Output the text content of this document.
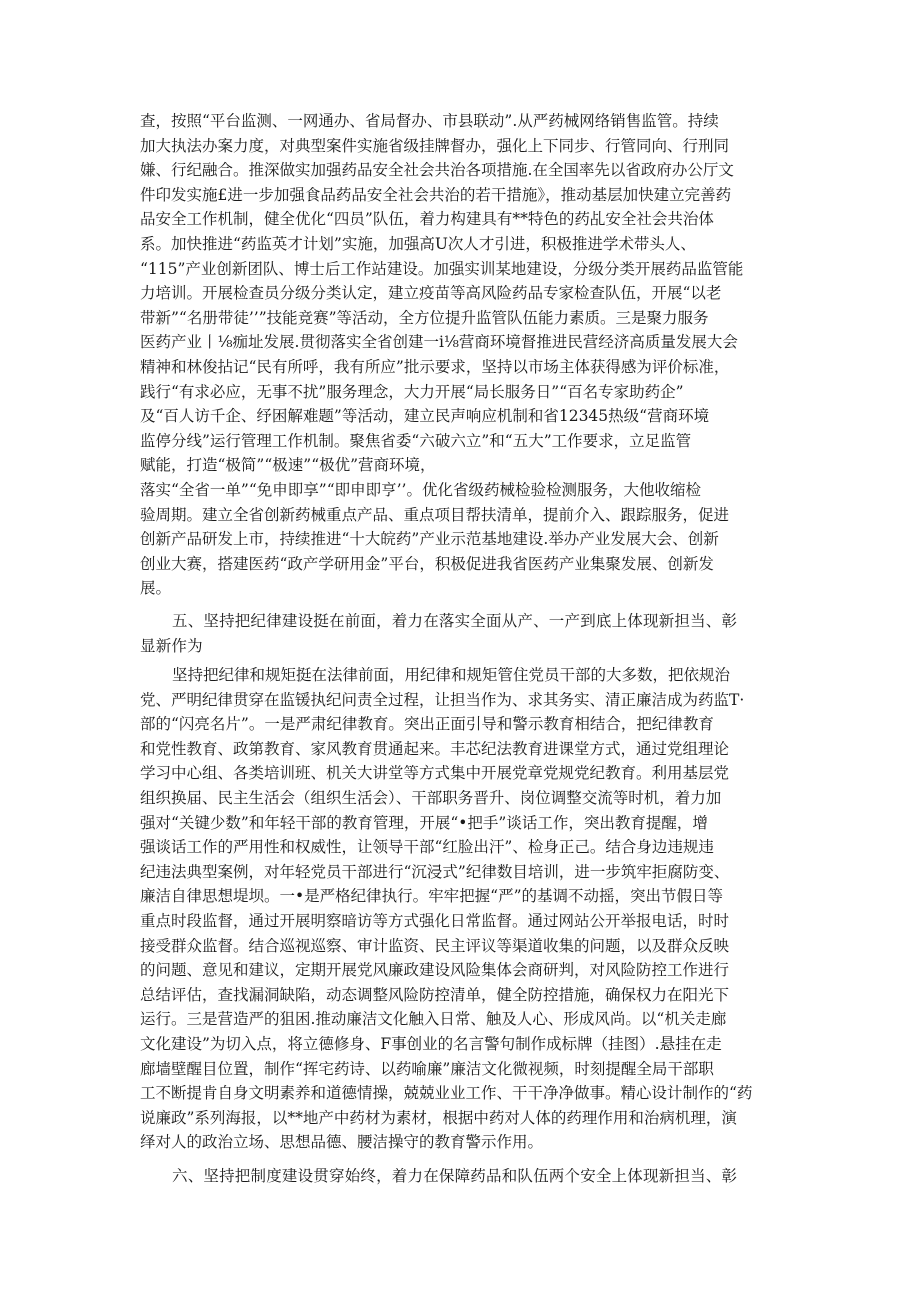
查，按照“平台监测、一网通办、省局督办、市县联动”.从严药械网络销售监管。持续
加大执法办案力度，对典型案件实施省级挂牌督办，强化上下同步、行管同向、行刑同
嫌、行纪融合。推深做实加强药品安全社会共治各项措施.在全国率先以省政府办公厅文
件印发实施£进一步加强食品药品安全社会共治的若干措施》，推动基层加快建立完善药
品安全工作机制，健全优化“四员”队伍，着力构建具有**特色的药乩安全社会共治体
系。加快推进“药监英才计划”实施，加强高U次人才引进，积极推进学术带头人、
“115”产业创新团队、博士后工作站建设。加强实训某地建设，分级分类开展药品监管能
力培训。开展检查员分级分类认定，建立疫苗等高风险药品专家检查队伍，开展“以老
带新”“名册带徒’’”技能竞赛”等活动，全方位提升监管队伍能力素质。三是聚力服务
医药产业丨⅛痂址发展.贯彻落实全省创建一i⅛营商环境督推进民营经济高质量发展大会
精神和林俊拈记“民有所呼，我有所应”批示要求，坚持以市场主体获得感为评价标准，
践行“有求必应，无事不扰”服务理念，大力开展“局长服务日”“百名专家助药企”
及“百人访千企、纾困解难题”等活动，建立民声响应机制和省12345热级“营商环境
监停分线”运行管理工作机制。聚焦省委“六破六立”和“五大”工作要求，立足监管
赋能，打造“极简”“极速”“极优”营商环境，
落实“全省一单”“免申即享”“即申即亨’’。优化省级药械检验检测服务，大他收缩检
验周期。建立全省创新药械重点产品、重点项目帮扶清单，提前介入、跟踪服务，促进
创新产品研发上市，持续推进“十大皖药”产业示范基地建设.举办产业发展大会、创新
创业大赛，搭建医药“政产学研用金”平台，积极促进我省医药产业集聚发展、创新发
展。
五、坚持把纪律建设挺在前面，着力在落实全面从产、一产到底上体现新担当、彰
显新作为
坚持把纪律和规矩挺在法律前面，用纪律和规矩管住党员干部的大多数，把依规治
党、严明纪律贯穿在监锾执纪问责全过程，让担当作为、求其务实、清正廉洁成为药监T·
部的“闪亮名片”。一是严肃纪律教育。突出正面引导和警示教育相结合，把纪律教育
和党性教育、政第教育、家风教育贯通起来。丰芯纪法教育进课堂方式，通过党组理论
学习中心组、各类培训班、机关大讲堂等方式集中开展党章党规党纪教育。利用基层党
组织换届、民主生活会（组织生活会）、干部职务晋升、岗位调整交流等时机，着力加
强对“关键少数”和年轻干部的教育管理，开展“•把手”谈话工作，突出教育提醒，增
强谈话工作的严用性和权威性，让领导干部“红脸出汗”、检身正己。结合身边违规违
纪违法典型案例，对年轻党员干部进行“沉浸式”纪律数目培训，进一步筑牢拒腐防变、
廉洁自律思想堤坝。一•是严格纪律执行。牢牢把握“严”的基调不动摇，突出节假日等
重点时段监督，通过开展明察暗访等方式强化日常监督。通过网站公开举报电话，时时
接受群众监督。结合巡视巡察、审计监资、民主评议等渠道收集的问题，以及群众反映
的问题、意见和建议，定期开展党风廉政建设风险集体会商研判，对风险防控工作进行
总结评估，查找漏洞缺陷，动态调整风险防控清单，健全防控措施，确保权力在阳光下
运行。三是营造严的狙困.推动廉洁文化触入日常、触及人心、形成风尚。以“机关走廊
文化建设”为切入点，将立德修身、F事创业的名言警句制作成标牌（挂图）.悬挂在走
廊墙壁醒目位置，制作“挥宅药诗、以药喻廉”廉洁文化微视频，时刻提醒全局干部职
工不断提肯自身文明素养和道德情操，兢兢业业工作、干干净净做事。精心设计制作的“药
说廉政”系列海报，以**地产中药材为素材，根据中药对人体的药理作用和治病机理，演
绎对人的政治立场、思想品德、腰洁操守的教育警示作用。
六、坚持把制度建设贯穿始终，着力在保障药品和队伍两个安全上体现新担当、彰
